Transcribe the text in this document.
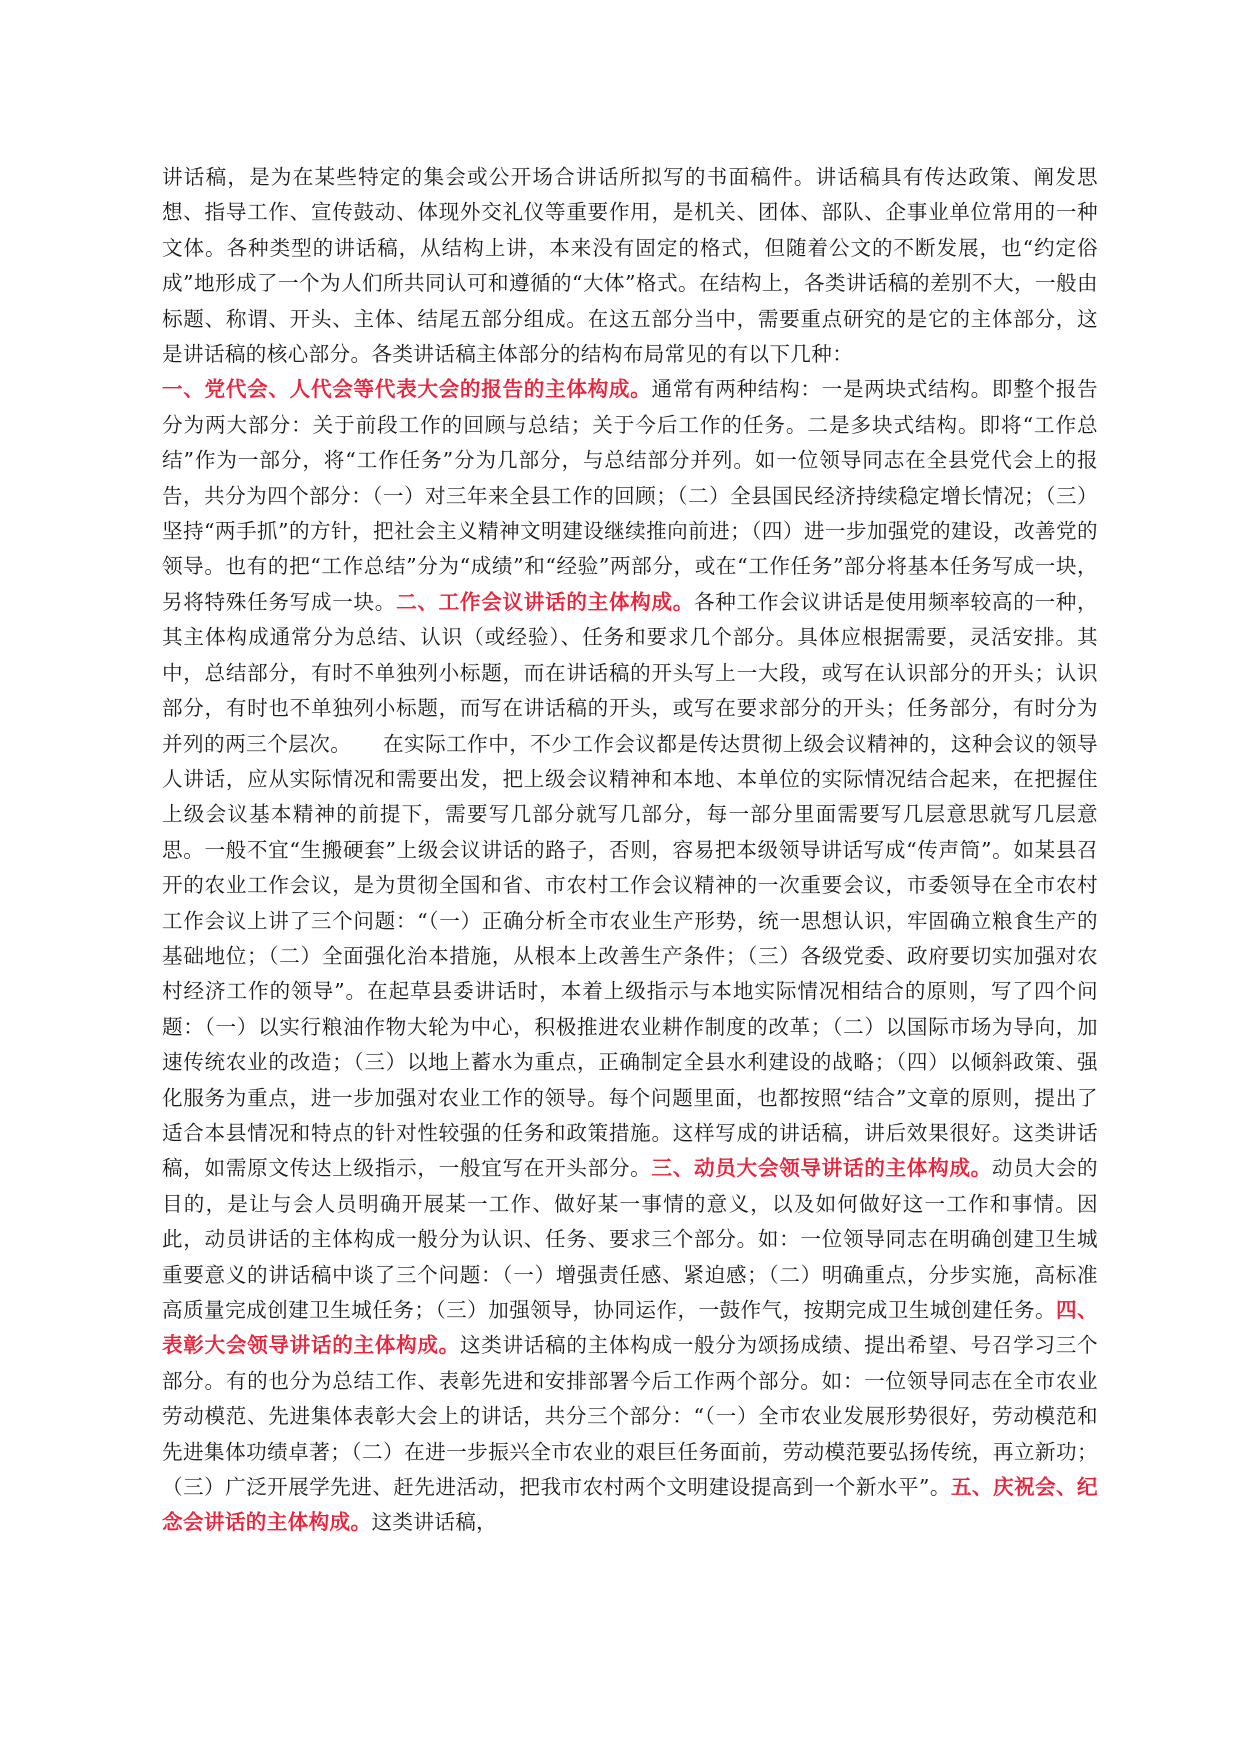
讲话稿，是为在某些特定的集会或公开场合讲话所拟写的书面稿件。讲话稿具有传达政策、阐发思想、指导工作、宣传鼓动、体现外交礼仪等重要作用，是机关、团体、部队、企事业单位常用的一种文体。各种类型的讲话稿，从结构上讲，本来没有固定的格式，但随着公文的不断发展，也“约定俗成”地形成了一个为人们所共同认可和遵循的“大体”格式。在结构上，各类讲话稿的差别不大，一般由标题、称谓、开头、主体、结尾五部分组成。在这五部分当中，需要重点研究的是它的主体部分，这是讲话稿的核心部分。各类讲话稿主体部分的结构布局常见的有以下几种：
一、党代会、人代会等代表大会的报告的主体构成。通常有两种结构：一是两块式结构。即整个报告分为两大部分：关于前段工作的回顾与总结；关于今后工作的任务。二是多块式结构。即将“工作总结”作为一部分，将“工作任务”分为几部分，与总结部分并列。如一位领导同志在全县党代会上的报告，共分为四个部分：（一）对三年来全县工作的回顾；（二）全县国民经济持续稳定增长情况；（三）坚持“两手抓”的方针，把社会主义精神文明建设继续推向前进；（四）进一步加强党的建设，改善党的领导。也有的把“工作总结”分为“成绩”和“经验”两部分，或在“工作任务”部分将基本任务写成一块，另将特殊任务写成一块。二、工作会议讲话的主体构成。各种工作会议讲话是使用频率较高的一种，其主体构成通常分为总结、认识（或经验）、任务和要求几个部分。具体应根据需要，灵活安排。其中，总结部分，有时不单独列小标题，而在讲话稿的开头写上一大段，或写在认识部分的开头；认识部分，有时也不单独列小标题，而写在讲话稿的开头，或写在要求部分的开头；任务部分，有时分为并列的两三个层次。　　在实际工作中，不少工作会议都是传达贯彻上级会议精神的，这种会议的领导人讲话，应从实际情况和需要出发，把上级会议精神和本地、本单位的实际情况结合起来，在把握住上级会议基本精神的前提下，需要写几部分就写几部分，每一部分里面需要写几层意思就写几层意思。一般不宜“生搬硬套”上级会议讲话的路子，否则，容易把本级领导讲话写成“传声筒”。如某县召开的农业工作会议，是为贯彻全国和省、市农村工作会议精神的一次重要会议，市委领导在全市农村工作会议上讲了三个问题：“（一）正确分析全市农业生产形势，统一思想认识，牢固确立粮食生产的基础地位；（二）全面强化治本措施，从根本上改善生产条件；（三）各级党委、政府要切实加强对农村经济工作的领导”。在起草县委讲话时，本着上级指示与本地实际情况相结合的原则，写了四个问题：（一）以实行粮油作物大轮为中心，积极推进农业耕作制度的改革；（二）以国际市场为导向，加速传统农业的改造；（三）以地上蓄水为重点，正确制定全县水利建设的战略；（四）以倾斜政策、强化服务为重点，进一步加强对农业工作的领导。每个问题里面，也都按照“结合”文章的原则，提出了适合本县情况和特点的针对性较强的任务和政策措施。这样写成的讲话稿，讲后效果很好。这类讲话稿，如需原文传达上级指示，一般宜写在开头部分。三、动员大会领导讲话的主体构成。动员大会的目的，是让与会人员明确开展某一工作、做好某一事情的意义，以及如何做好这一工作和事情。因此，动员讲话的主体构成一般分为认识、任务、要求三个部分。如：一位领导同志在明确创建卫生城重要意义的讲话稿中谈了三个问题：（一）增强责任感、紧迫感；（二）明确重点，分步实施，高标准高质量完成创建卫生城任务；（三）加强领导，协同运作，一鼓作气，按期完成卫生城创建任务。四、表彰大会领导讲话的主体构成。这类讲话稿的主体构成一般分为颂扬成绩、提出希望、号召学习三个部分。有的也分为总结工作、表彰先进和安排部署今后工作两个部分。如：一位领导同志在全市农业劳动模范、先进集体表彰大会上的讲话，共分三个部分：“（一）全市农业发展形势很好，劳动模范和先进集体功绩卓著；（二）在进一步振兴全市农业的艰巨任务面前，劳动模范要弘扬传统，再立新功；（三）广泛开展学先进、赶先进活动，把我市农村两个文明建设提高到一个新水平”。五、庆祝会、纪念会讲话的主体构成。这类讲话稿，
